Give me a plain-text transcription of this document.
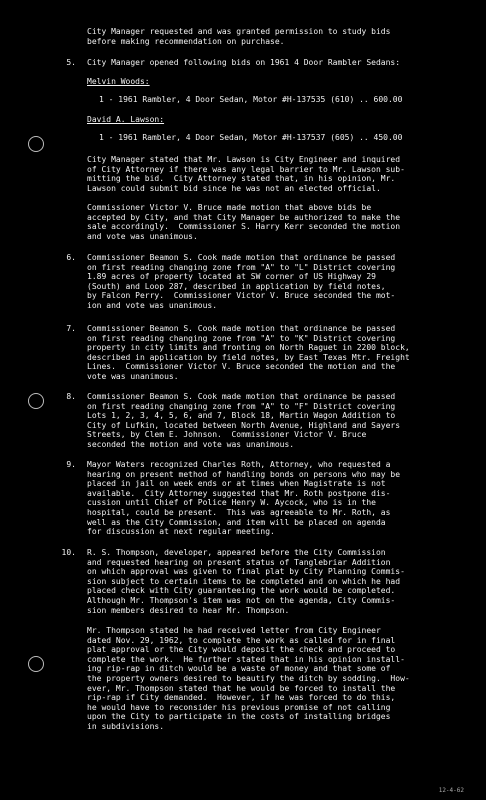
City Manager requested and was granted permission to study bids
before making recommendation on purchase.

5. City Manager opened following bids on 1961 4 Door Rambler Sedans:

Melvin Woods:

1 - 1961 Rambler, 4 Door Sedan, Motor #H-137535 (610) .. 600.00

David A. Lawson:

1 - 1961 Rambler, 4 Door Sedan, Motor #H-137537 (605) .. 450.00

City Manager stated that Mr. Lawson is City Engineer and inquired
of City Attorney if there was any legal barrier to Mr. Lawson sub-
mitting the bid.  City Attorney stated that, in his opinion, Mr.
Lawson could submit bid since he was not an elected official.

Commissioner Victor V. Bruce made motion that above bids be
accepted by City, and that City Manager be authorized to make the
sale accordingly.  Commissioner S. Harry Kerr seconded the motion
and vote was unanimous.

6. Commissioner Beamon S. Cook made motion that ordinance be passed
on first reading changing zone from "A" to "L" District covering
1.89 acres of property located at SW corner of US Highway 29
(South) and Loop 287, described in application by field notes,
by Falcon Perry.  Commissioner Victor V. Bruce seconded the mot-
ion and vote was unanimous.

7. Commissioner Beamon S. Cook made motion that ordinance be passed
on first reading changing zone from "A" to "K" District covering
property in city limits and fronting on North Raguet in 2200 block,
described in application by field notes, by East Texas Mtr. Freight
Lines.  Commissioner Victor V. Bruce seconded the motion and the
vote was unanimous.

8. Commissioner Beamon S. Cook made motion that ordinance be passed
on first reading changing zone from "A" to "F" District covering
Lots 1, 2, 3, 4, 5, 6, and 7, Block 18, Martin Wagon Addition to
City of Lufkin, located between North Avenue, Highland and Sayers
Streets, by Clem E. Johnson.  Commissioner Victor V. Bruce
seconded the motion and vote was unanimous.

9. Mayor Waters recognized Charles Roth, Attorney, who requested a
hearing on present method of handling bonds on persons who may be
placed in jail on week ends or at times when Magistrate is not
available.  City Attorney suggested that Mr. Roth postpone dis-
cussion until Chief of Police Henry W. Aycock, who is in the
hospital, could be present.  This was agreeable to Mr. Roth, as
well as the City Commission, and item will be placed on agenda
for discussion at next regular meeting.

10. R. S. Thompson, developer, appeared before the City Commission
and requested hearing on present status of Tanglebriar Addition
on which approval was given to final plat by City Planning Commis-
sion subject to certain items to be completed and on which he had
placed check with City guaranteeing the work would be completed.
Although Mr. Thompson's item was not on the agenda, City Commis-
sion members desired to hear Mr. Thompson.

Mr. Thompson stated he had received letter from City Engineer
dated Nov. 29, 1962, to complete the work as called for in final
plat approval or the City would deposit the check and proceed to
complete the work.  He further stated that in his opinion install-
ing rip-rap in ditch would be a waste of money and that some of
the property owners desired to beautify the ditch by sodding.  How-
ever, Mr. Thompson stated that he would be forced to install the
rip-rap if City demanded.  However, if he was forced to do this,
he would have to reconsider his previous promise of not calling
upon the City to participate in the costs of installing bridges
in subdivisions.

12-4-62
